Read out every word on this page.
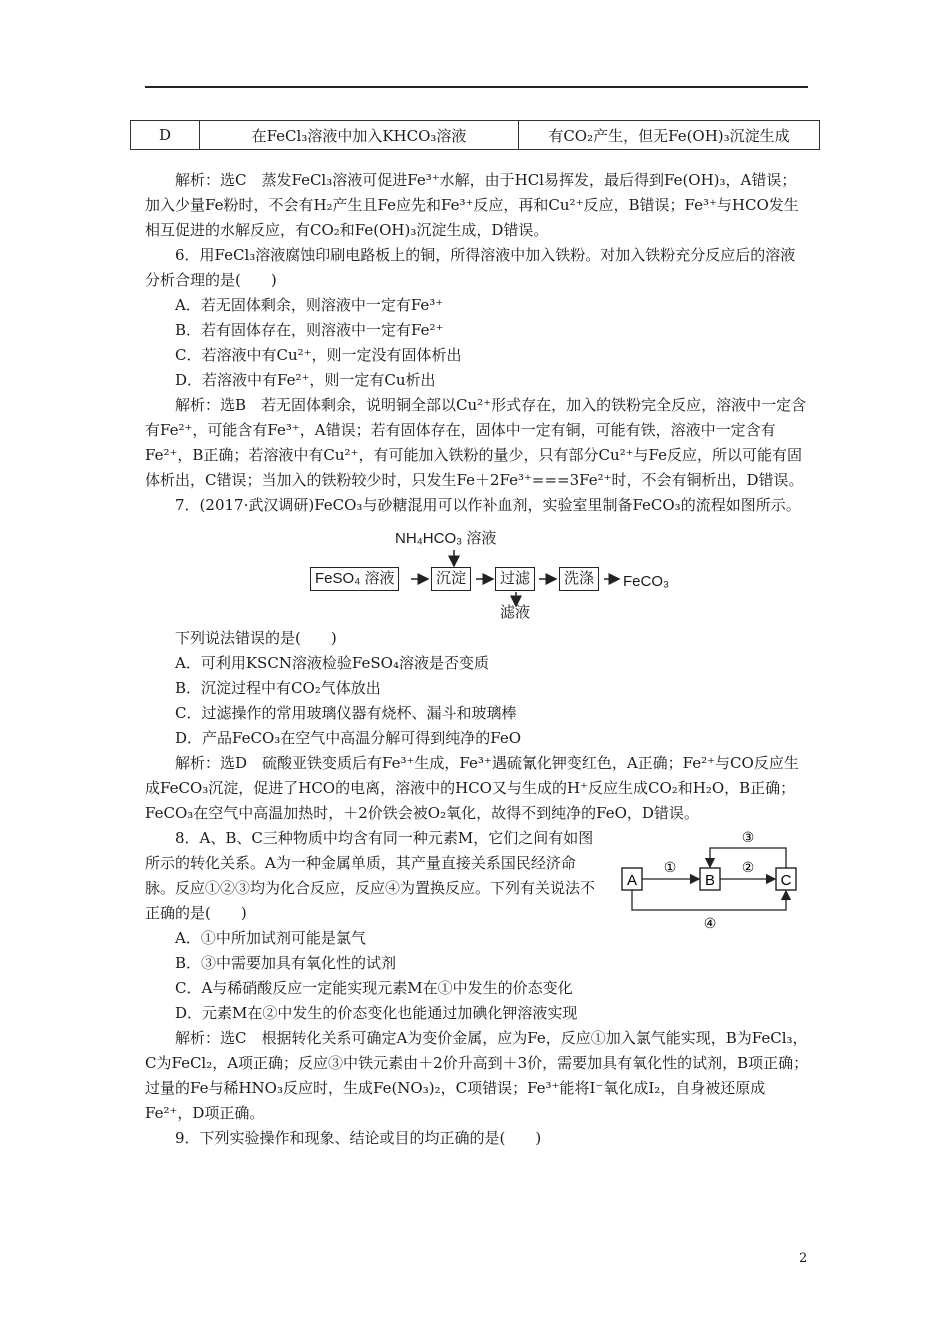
D	在FeCl₃溶液中加入KHCO₃溶液	有CO₂产生，但无Fe(OH)₃沉淀生成

解析：选C　蒸发FeCl₃溶液可促进Fe³⁺水解，由于HCl易挥发，最后得到Fe(OH)₃，A错误；加入少量Fe粉时，不会有H₂产生且Fe应先和Fe³⁺反应，再和Cu²⁺反应，B错误；Fe³⁺与HCO发生相互促进的水解反应，有CO₂和Fe(OH)₃沉淀生成，D错误。

6．用FeCl₃溶液腐蚀印刷电路板上的铜，所得溶液中加入铁粉。对加入铁粉充分反应后的溶液分析合理的是(　　)

A．若无固体剩余，则溶液中一定有Fe³⁺

B．若有固体存在，则溶液中一定有Fe²⁺

C．若溶液中有Cu²⁺，则一定没有固体析出

D．若溶液中有Fe²⁺，则一定有Cu析出

解析：选B　若无固体剩余，说明铜全部以Cu²⁺形式存在，加入的铁粉完全反应，溶液中一定含有Fe²⁺，可能含有Fe³⁺，A错误；若有固体存在，固体中一定有铜，可能有铁，溶液中一定含有Fe²⁺，B正确；若溶液中有Cu²⁺，有可能加入铁粉的量少，只有部分Cu²⁺与Fe反应，所以可能有固体析出，C错误；当加入的铁粉较少时，只发生Fe＋2Fe³⁺===3Fe²⁺时，不会有铜析出，D错误。

7．(2017·武汉调研)FeCO₃与砂糖混用可以作补血剂，实验室里制备FeCO₃的流程如图所示。

NH₄HCO₃ 溶液
FeSO₄ 溶液	沉淀	过滤	洗涤	FeCO₃
滤液

下列说法错误的是(　　)

A．可利用KSCN溶液检验FeSO₄溶液是否变质

B．沉淀过程中有CO₂气体放出

C．过滤操作的常用玻璃仪器有烧杯、漏斗和玻璃棒

D．产品FeCO₃在空气中高温分解可得到纯净的FeO

解析：选D　硫酸亚铁变质后有Fe³⁺生成，Fe³⁺遇硫氰化钾变红色，A正确；Fe²⁺与CO反应生成FeCO₃沉淀，促进了HCO的电离，溶液中的HCO又与生成的H⁺反应生成CO₂和H₂O，B正确；FeCO₃在空气中高温加热时，＋2价铁会被O₂氧化，故得不到纯净的FeO，D错误。

8．A、B、C三种物质中均含有同一种元素M，它们之间有如图所示的转化关系。A为一种金属单质，其产量直接关系国民经济命脉。反应①②③均为化合反应，反应④为置换反应。下列有关说法不正确的是(　　)

A	B	C
①	②
③
④

A．①中所加试剂可能是氯气

B．③中需要加具有氧化性的试剂

C．A与稀硝酸反应一定能实现元素M在①中发生的价态变化

D．元素M在②中发生的价态变化也能通过加碘化钾溶液实现

解析：选C　根据转化关系可确定A为变价金属，应为Fe，反应①加入氯气能实现，B为FeCl₃，C为FeCl₂，A项正确；反应③中铁元素由＋2价升高到＋3价，需要加具有氧化性的试剂，B项正确；过量的Fe与稀HNO₃反应时，生成Fe(NO₃)₂，C项错误；Fe³⁺能将I⁻氧化成I₂，自身被还原成Fe²⁺，D项正确。

9．下列实验操作和现象、结论或目的均正确的是(　　)

2
